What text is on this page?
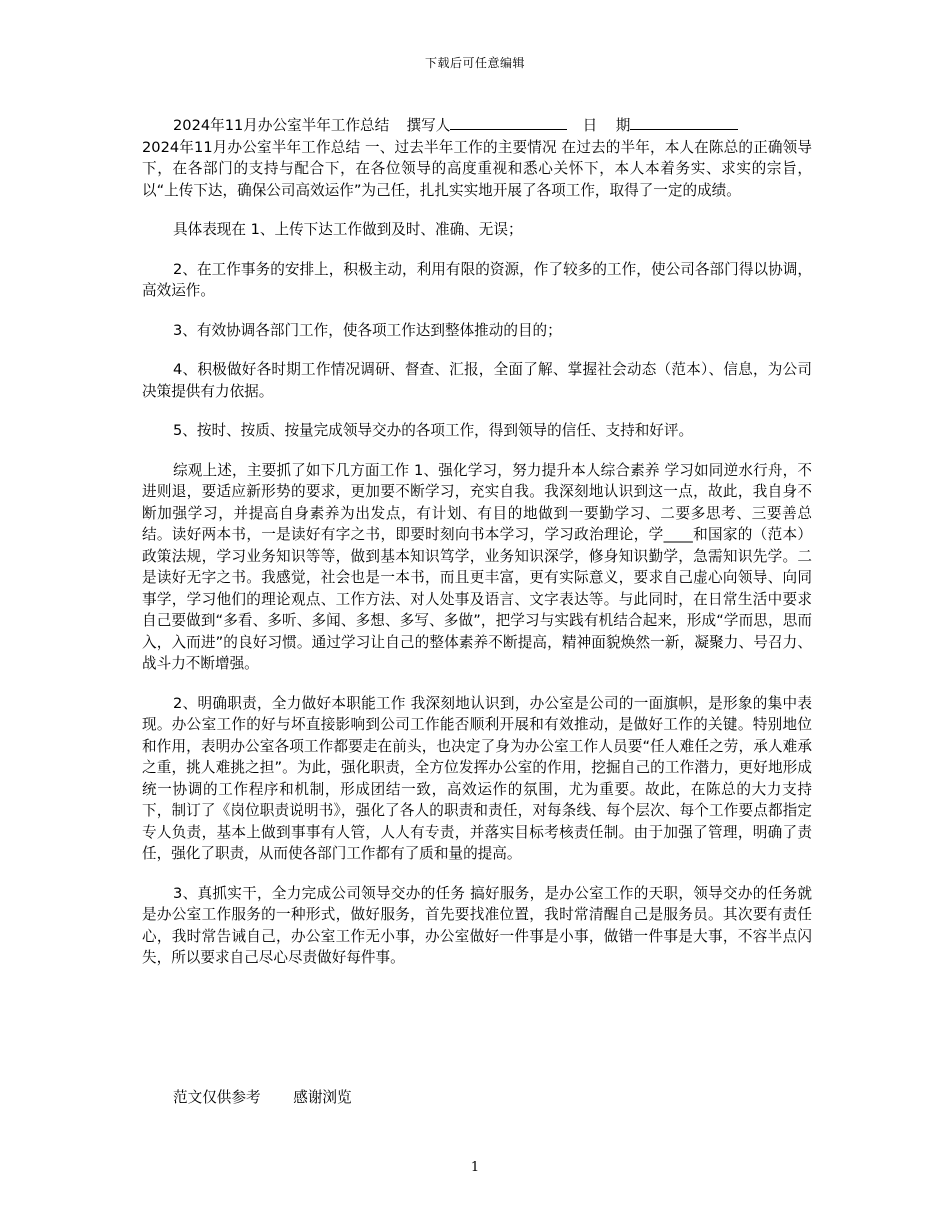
下载后可任意编辑

2024年11月办公室半年工作总结 撰写人	日    期

2024年11月办公室半年工作总结 一、过去半年工作的主要情况 在过去的半年，本人在陈总的正确领导下，在各部门的支持与配合下，在各位领导的高度重视和悉心关怀下，本人本着务实、求实的宗旨，以“上传下达，确保公司高效运作”为己任，扎扎实实地开展了各项工作，取得了一定的成绩。

具体表现在 1、上传下达工作做到及时、准确、无误；

2、在工作事务的安排上，积极主动，利用有限的资源，作了较多的工作，使公司各部门得以协调，高效运作。

3、有效协调各部门工作，使各项工作达到整体推动的目的；

4、积极做好各时期工作情况调研、督查、汇报，全面了解、掌握社会动态（范本）、信息，为公司决策提供有力依据。

5、按时、按质、按量完成领导交办的各项工作，得到领导的信任、支持和好评。

综观上述，主要抓了如下几方面工作 1、强化学习，努力提升本人综合素养 学习如同逆水行舟，不进则退，要适应新形势的要求，更加要不断学习，充实自我。我深刻地认识到这一点，故此，我自身不断加强学习，并提高自身素养为出发点，有计划、有目的地做到一要勤学习、二要多思考、三要善总结。读好两本书，一是读好有字之书，即要时刻向书本学习，学习政治理论，学____和国家的（范本）政策法规，学习业务知识等等，做到基本知识笃学，业务知识深学，修身知识勤学，急需知识先学。二是读好无字之书。我感觉，社会也是一本书，而且更丰富，更有实际意义，要求自己虚心向领导、向同事学，学习他们的理论观点、工作方法、对人处事及语言、文字表达等。与此同时，在日常生活中要求自己要做到“多看、多听、多闻、多想、多写、多做”，把学习与实践有机结合起来，形成“学而思，思而入，入而进”的良好习惯。通过学习让自己的整体素养不断提高，精神面貌焕然一新，凝聚力、号召力、战斗力不断增强。

2、明确职责，全力做好本职能工作 我深刻地认识到，办公室是公司的一面旗帜，是形象的集中表现。办公室工作的好与坏直接影响到公司工作能否顺利开展和有效推动，是做好工作的关键。特别地位和作用，表明办公室各项工作都要走在前头，也决定了身为办公室工作人员要“任人难任之劳，承人难承之重，挑人难挑之担”。为此，强化职责，全方位发挥办公室的作用，挖掘自己的工作潜力，更好地形成统一协调的工作程序和机制，形成团结一致，高效运作的氛围，尤为重要。故此，在陈总的大力支持下，制订了《岗位职责说明书》，强化了各人的职责和责任，对每条线、每个层次、每个工作要点都指定专人负责，基本上做到事事有人管，人人有专责，并落实目标考核责任制。由于加强了管理，明确了责任，强化了职责，从而使各部门工作都有了质和量的提高。

3、真抓实干，全力完成公司领导交办的任务 搞好服务，是办公室工作的天职，领导交办的任务就是办公室工作服务的一种形式，做好服务，首先要找准位置，我时常清醒自己是服务员。其次要有责任心，我时常告诫自己，办公室工作无小事，办公室做好一件事是小事，做错一件事是大事，不容半点闪失，所以要求自己尽心尽责做好每件事。

范文仅供参考 感谢浏览
1
